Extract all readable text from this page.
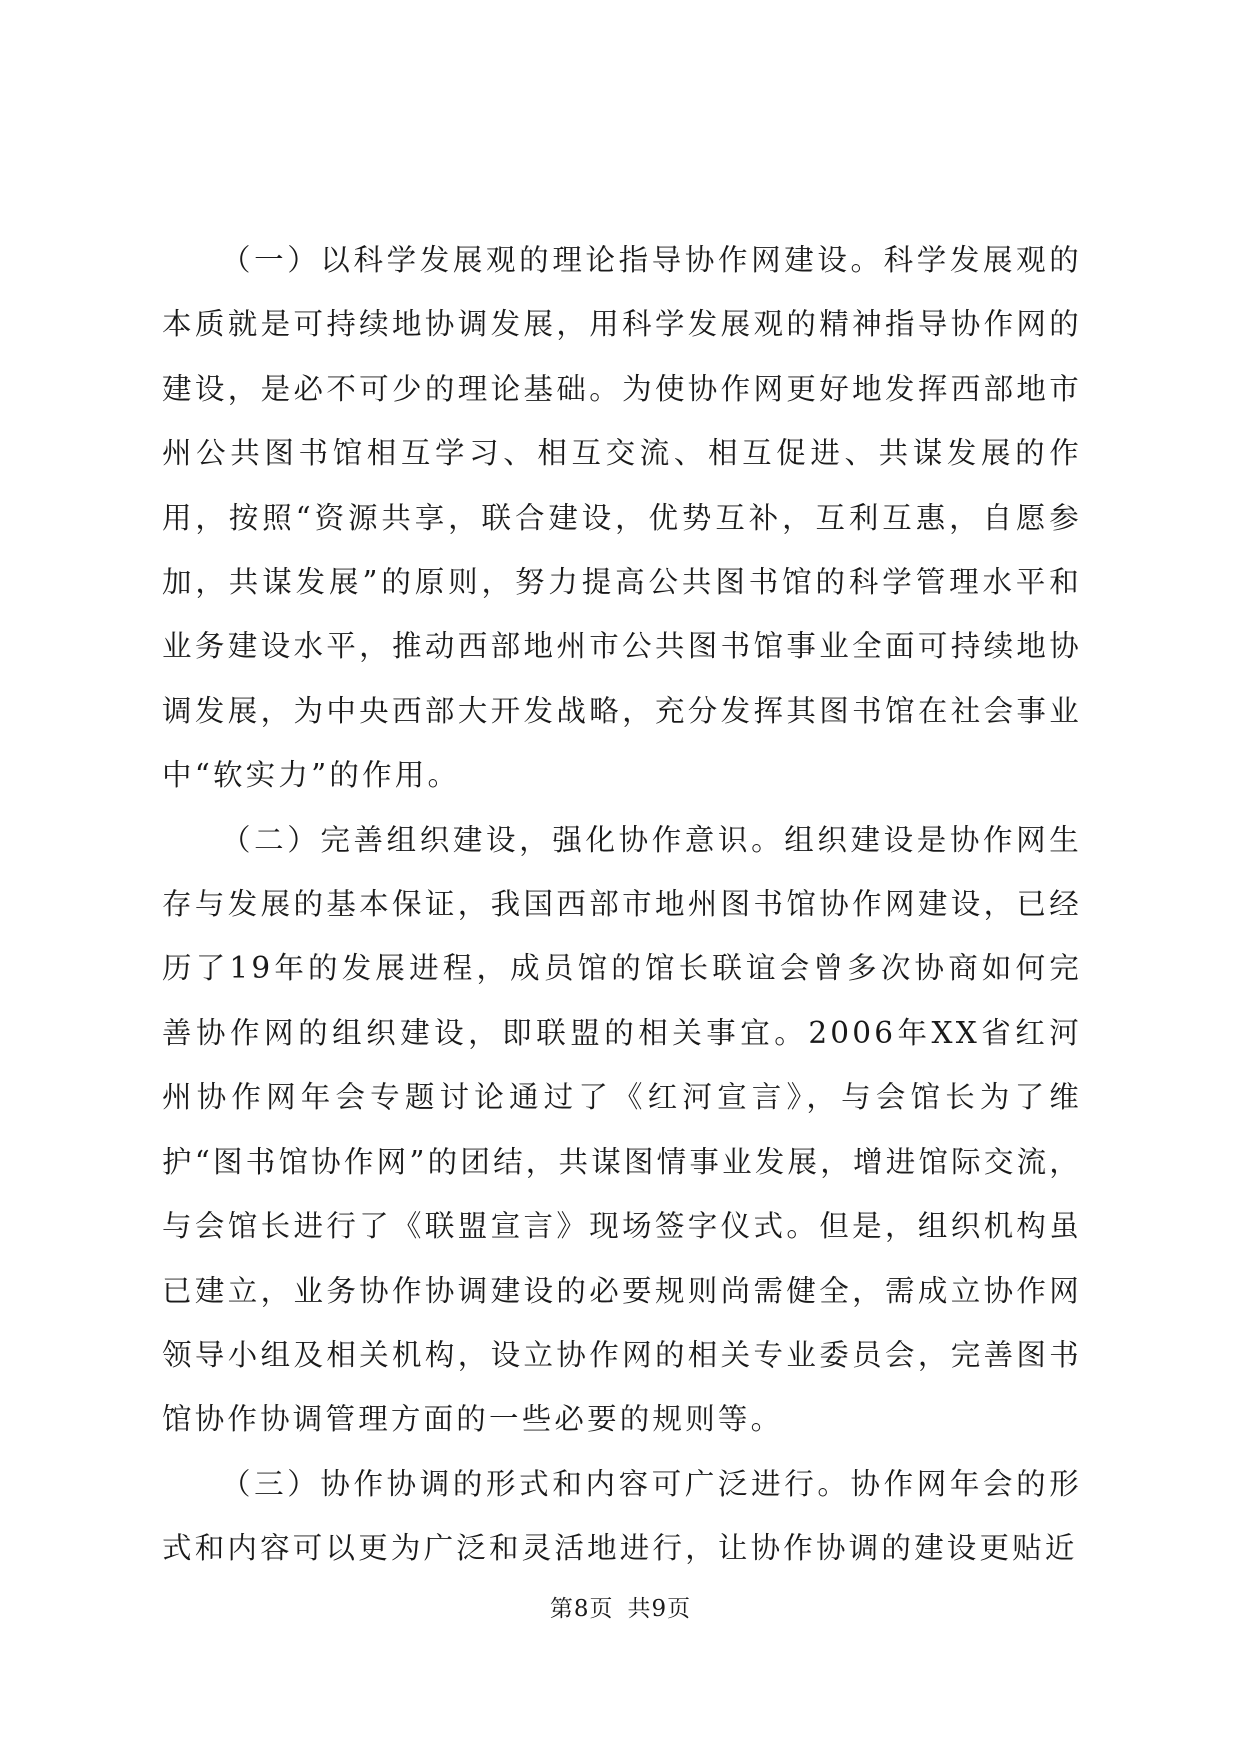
（一）以科学发展观的理论指导协作网建设。科学发展观的本质就是可持续地协调发展，用科学发展观的精神指导协作网的建设，是必不可少的理论基础。为使协作网更好地发挥西部地市州公共图书馆相互学习、相互交流、相互促进、共谋发展的作用，按照“资源共享，联合建设，优势互补，互利互惠，自愿参加，共谋发展”的原则，努力提高公共图书馆的科学管理水平和业务建设水平，推动西部地州市公共图书馆事业全面可持续地协调发展，为中央西部大开发战略，充分发挥其图书馆在社会事业中“软实力”的作用。

（二）完善组织建设，强化协作意识。组织建设是协作网生存与发展的基本保证，我国西部市地州图书馆协作网建设，已经历了19年的发展进程，成员馆的馆长联谊会曾多次协商如何完善协作网的组织建设，即联盟的相关事宜。2006年XX省红河州协作网年会专题讨论通过了《红河宣言》，与会馆长为了维护“图书馆协作网”的团结，共谋图情事业发展，增进馆际交流，与会馆长进行了《联盟宣言》现场签字仪式。但是，组织机构虽已建立，业务协作协调建设的必要规则尚需健全，需成立协作网领导小组及相关机构，设立协作网的相关专业委员会，完善图书馆协作协调管理方面的一些必要的规则等。

（三）协作协调的形式和内容可广泛进行。协作网年会的形式和内容可以更为广泛和灵活地进行，让协作协调的建设更贴近

第8页 共9页
